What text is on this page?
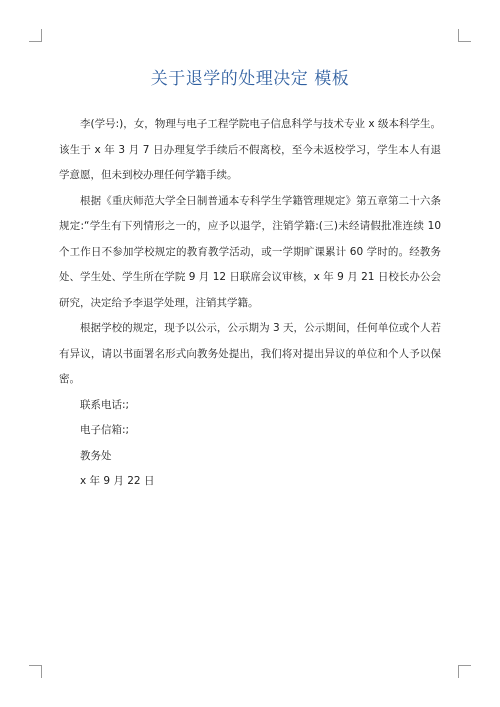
关于退学的处理决定 模板

李(学号:)，女，物理与电子工程学院电子信息科学与技术专业 x 级本科学生。该生于 x 年 3 月 7 日办理复学手续后不假离校，至今未返校学习，学生本人有退学意愿，但未到校办理任何学籍手续。

根据《重庆师范大学全日制普通本专科学生学籍管理规定》第五章第二十六条规定:“学生有下列情形之一的，应予以退学，注销学籍:(三)未经请假批准连续 10 个工作日不参加学校规定的教育教学活动，或一学期旷课累计 60 学时的。经教务处、学生处、学生所在学院 9 月 12 日联席会议审核，x 年 9 月 21 日校长办公会研究，决定给予李退学处理，注销其学籍。

根据学校的规定，现予以公示，公示期为 3 天，公示期间，任何单位或个人若有异议，请以书面署名形式向教务处提出，我们将对提出异议的单位和个人予以保密。

联系电话:;

电子信箱:;

教务处

x 年 9 月 22 日
